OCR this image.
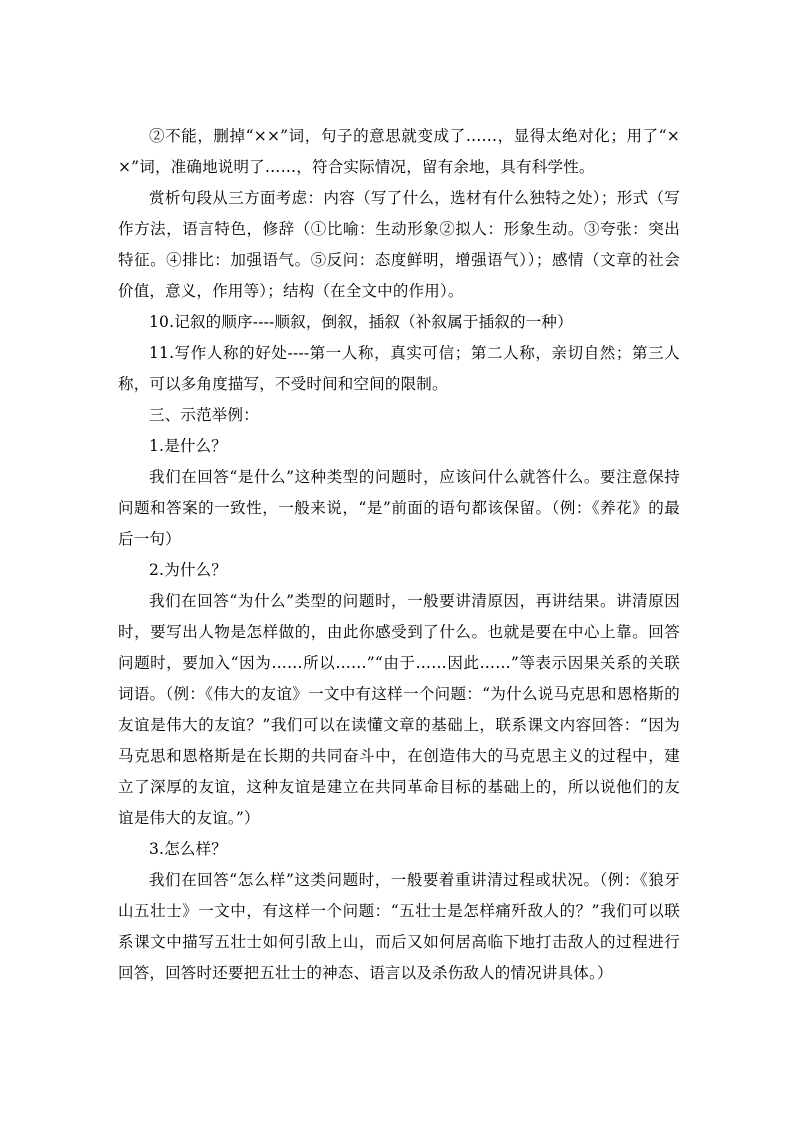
②不能，删掉“××”词，句子的意思就变成了……，显得太绝对化；用了“××”词，准确地说明了……，符合实际情况，留有余地，具有科学性。

赏析句段从三方面考虑：内容（写了什么，选材有什么独特之处）；形式（写作方法，语言特色，修辞（①比喻：生动形象②拟人：形象生动。③夸张：突出特征。④排比：加强语气。⑤反问：态度鲜明，增强语气））；感情（文章的社会价值，意义，作用等）；结构（在全文中的作用）。

10.记叙的顺序----顺叙，倒叙，插叙（补叙属于插叙的一种）

11.写作人称的好处----第一人称，真实可信；第二人称，亲切自然；第三人称，可以多角度描写，不受时间和空间的限制。

三、示范举例：

1.是什么？

我们在回答“是什么”这种类型的问题时，应该问什么就答什么。要注意保持问题和答案的一致性，一般来说，“是”前面的语句都该保留。（例：《养花》的最后一句）

2.为什么？

我们在回答“为什么”类型的问题时，一般要讲清原因，再讲结果。讲清原因时，要写出人物是怎样做的，由此你感受到了什么。也就是要在中心上靠。回答问题时，要加入“因为……所以……”“由于……因此……”等表示因果关系的关联词语。（例：《伟大的友谊》一文中有这样一个问题：“为什么说马克思和恩格斯的友谊是伟大的友谊？”我们可以在读懂文章的基础上，联系课文内容回答：“因为马克思和恩格斯是在长期的共同奋斗中，在创造伟大的马克思主义的过程中，建立了深厚的友谊，这种友谊是建立在共同革命目标的基础上的，所以说他们的友谊是伟大的友谊。”）

3.怎么样？

我们在回答“怎么样”这类问题时，一般要着重讲清过程或状况。（例：《狼牙山五壮士》一文中，有这样一个问题：“五壮士是怎样痛歼敌人的？”我们可以联系课文中描写五壮士如何引敌上山，而后又如何居高临下地打击敌人的过程进行回答，回答时还要把五壮士的神态、语言以及杀伤敌人的情况讲具体。）
